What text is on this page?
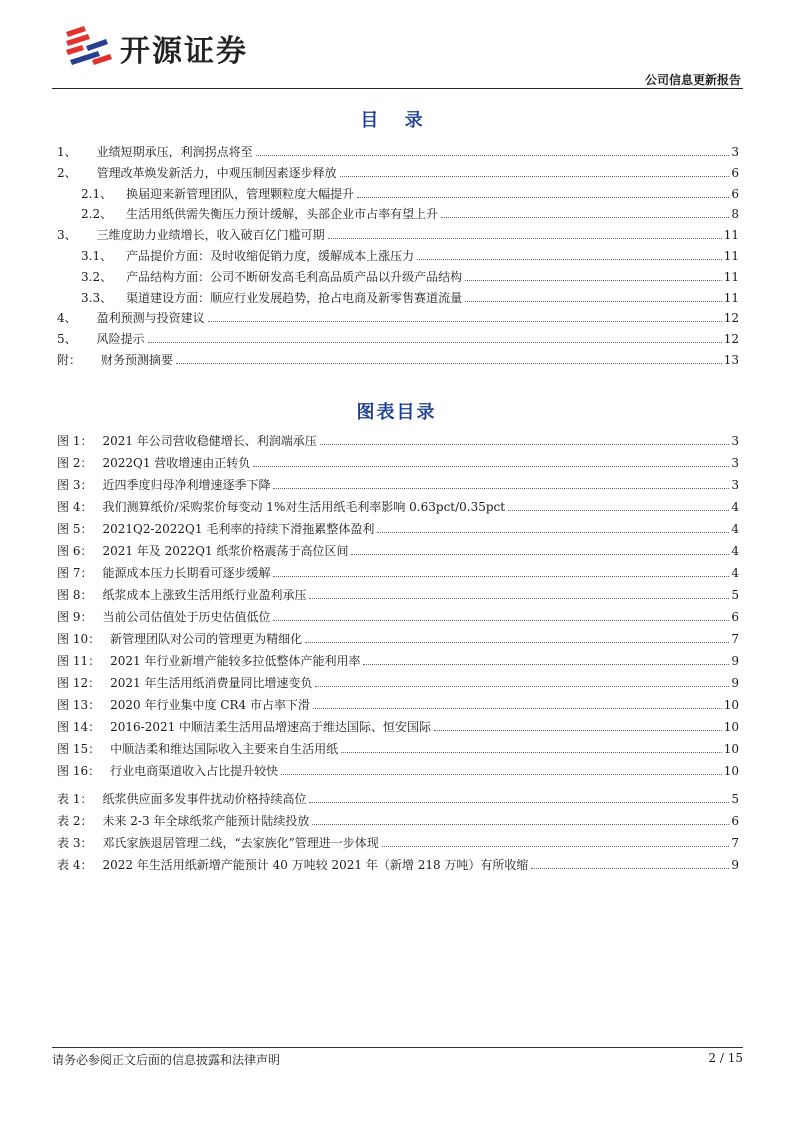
开源证券
公司信息更新报告
目 录
1、 业绩短期承压，利润拐点将至	3
2、 管理改革焕发新活力，中观压制因素逐步释放	6
2.1、 换届迎来新管理团队，管理颗粒度大幅提升	6
2.2、 生活用纸供需失衡压力预计缓解，头部企业市占率有望上升	8
3、 三维度助力业绩增长，收入破百亿门槛可期	11
3.1、 产品提价方面：及时收缩促销力度，缓解成本上涨压力	11
3.2、 产品结构方面：公司不断研发高毛利高品质产品以升级产品结构	11
3.3、 渠道建设方面：顺应行业发展趋势，抢占电商及新零售赛道流量	11
4、 盈利预测与投资建议	12
5、 风险提示	12
附： 财务预测摘要	13
图表目录
图 1： 2021 年公司营收稳健增长、利润端承压	3
图 2： 2022Q1 营收增速由正转负	3
图 3： 近四季度归母净利增速逐季下降	3
图 4： 我们测算纸价/采购浆价每变动 1%对生活用纸毛利率影响 0.63pct/0.35pct	4
图 5： 2021Q2-2022Q1 毛利率的持续下滑拖累整体盈利	4
图 6： 2021 年及 2022Q1 纸浆价格震荡于高位区间	4
图 7： 能源成本压力长期看可逐步缓解	4
图 8： 纸浆成本上涨致生活用纸行业盈利承压	5
图 9： 当前公司估值处于历史估值低位	6
图 10： 新管理团队对公司的管理更为精细化	7
图 11： 2021 年行业新增产能较多拉低整体产能利用率	9
图 12： 2021 年生活用纸消费量同比增速变负	9
图 13： 2020 年行业集中度 CR4 市占率下滑	10
图 14： 2016-2021 中顺洁柔生活用品增速高于维达国际、恒安国际	10
图 15： 中顺洁柔和维达国际收入主要来自生活用纸	10
图 16： 行业电商渠道收入占比提升较快	10
表 1： 纸浆供应面多发事件扰动价格持续高位	5
表 2： 未来 2-3 年全球纸浆产能预计陆续投放	6
表 3： 邓氏家族退居管理二线，“去家族化”管理进一步体现	7
表 4： 2022 年生活用纸新增产能预计 40 万吨较 2021 年（新增 218 万吨）有所收缩	9
请务必参阅正文后面的信息披露和法律声明	2 / 15
